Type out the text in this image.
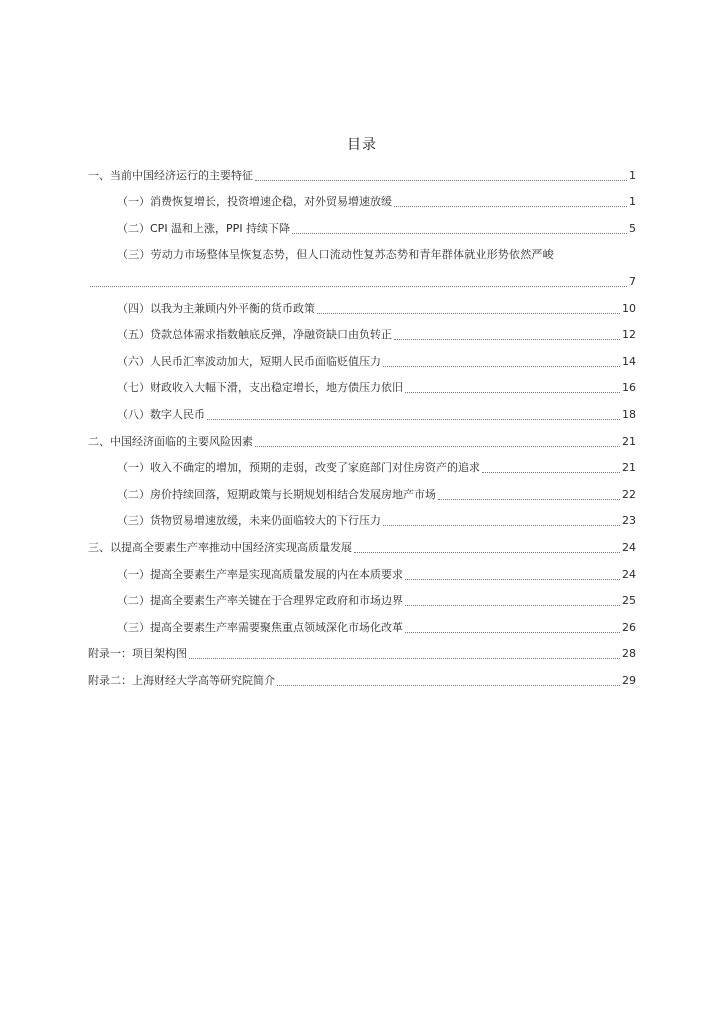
目录
一、当前中国经济运行的主要特征	1
（一）消费恢复增长，投资增速企稳，对外贸易增速放缓	1
（二）CPI 温和上涨，PPI 持续下降	5
（三）劳动力市场整体呈恢复态势，但人口流动性复苏态势和青年群体就业形势依然严峻
7
（四）以我为主兼顾内外平衡的货币政策	10
（五）贷款总体需求指数触底反弹，净融资缺口由负转正	12
（六）人民币汇率波动加大，短期人民币面临贬值压力	14
（七）财政收入大幅下滑，支出稳定增长，地方债压力依旧	16
（八）数字人民币	18
二、中国经济面临的主要风险因素	21
（一）收入不确定的增加，预期的走弱，改变了家庭部门对住房资产的追求	21
（二）房价持续回落，短期政策与长期规划相结合发展房地产市场	22
（三）货物贸易增速放缓，未来仍面临较大的下行压力	23
三、以提高全要素生产率推动中国经济实现高质量发展	24
（一）提高全要素生产率是实现高质量发展的内在本质要求	24
（二）提高全要素生产率关键在于合理界定政府和市场边界	25
（三）提高全要素生产率需要聚焦重点领域深化市场化改革	26
附录一：项目架构图	28
附录二：上海财经大学高等研究院简介	29
